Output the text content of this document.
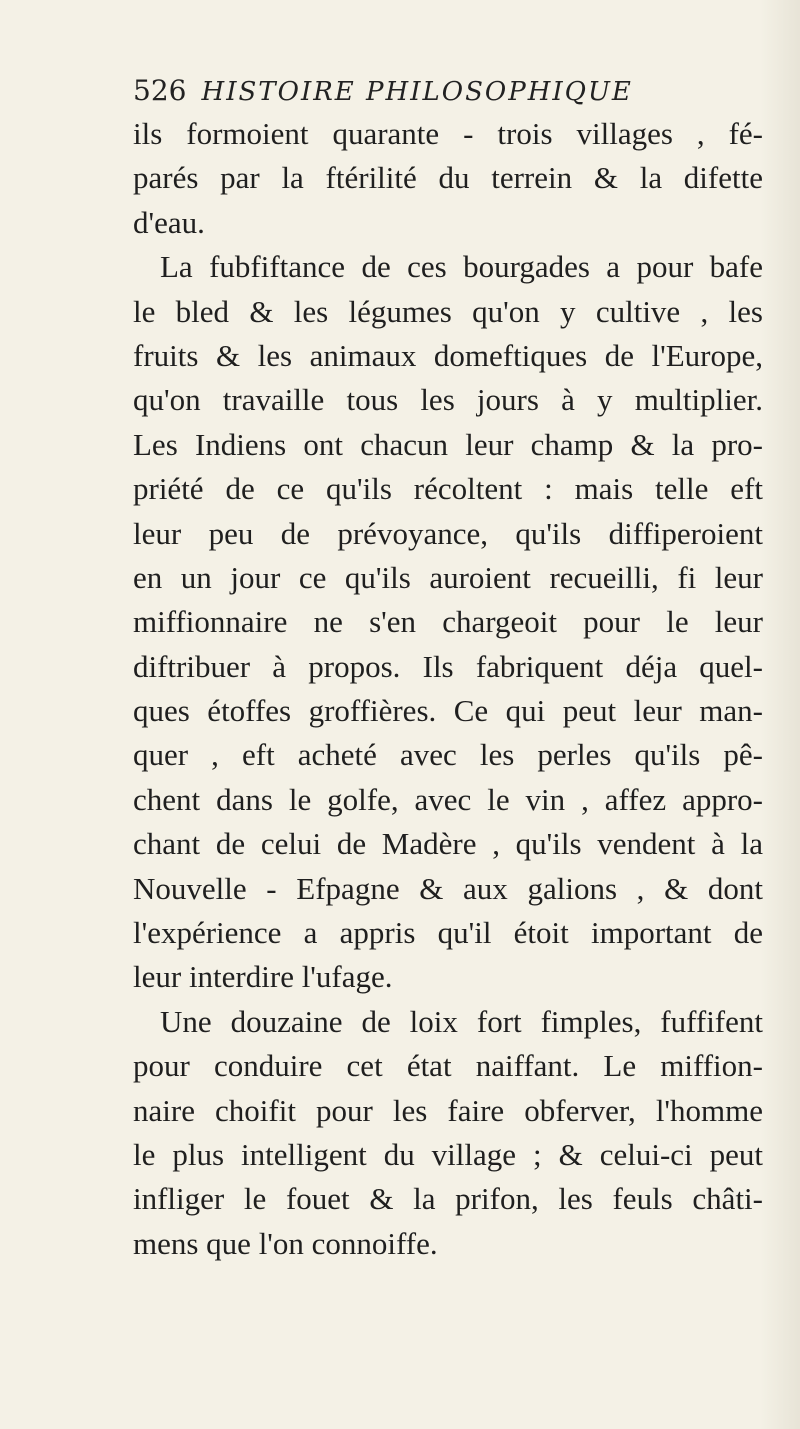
526 HISTOIRE PHILOSOPHIQUE
ils formoient quarante - trois villages , fé-
parés par la ftérilité du terrein & la difette
d'eau.
La fubfiftance de ces bourgades a pour bafe
le bled & les légumes qu'on y cultive , les
fruits & les animaux domeftiques de l'Europe,
qu'on travaille tous les jours à y multiplier.
Les Indiens ont chacun leur champ & la pro-
priété de ce qu'ils récoltent : mais telle eft
leur peu de prévoyance, qu'ils diffiperoient
en un jour ce qu'ils auroient recueilli, fi leur
miffionnaire ne s'en chargeoit pour le leur
diftribuer à propos. Ils fabriquent déja quel-
ques étoffes groffières. Ce qui peut leur man-
quer , eft acheté avec les perles qu'ils pê-
chent dans le golfe, avec le vin , affez appro-
chant de celui de Madère , qu'ils vendent à la
Nouvelle - Efpagne & aux galions , & dont
l'expérience a appris qu'il étoit important de
leur interdire l'ufage.
Une douzaine de loix fort fimples, fuffifent
pour conduire cet état naiffant. Le miffion-
naire choifit pour les faire obferver, l'homme
le plus intelligent du village ; & celui-ci peut
infliger le fouet & la prifon, les feuls châti-
mens que l'on connoiffe.
